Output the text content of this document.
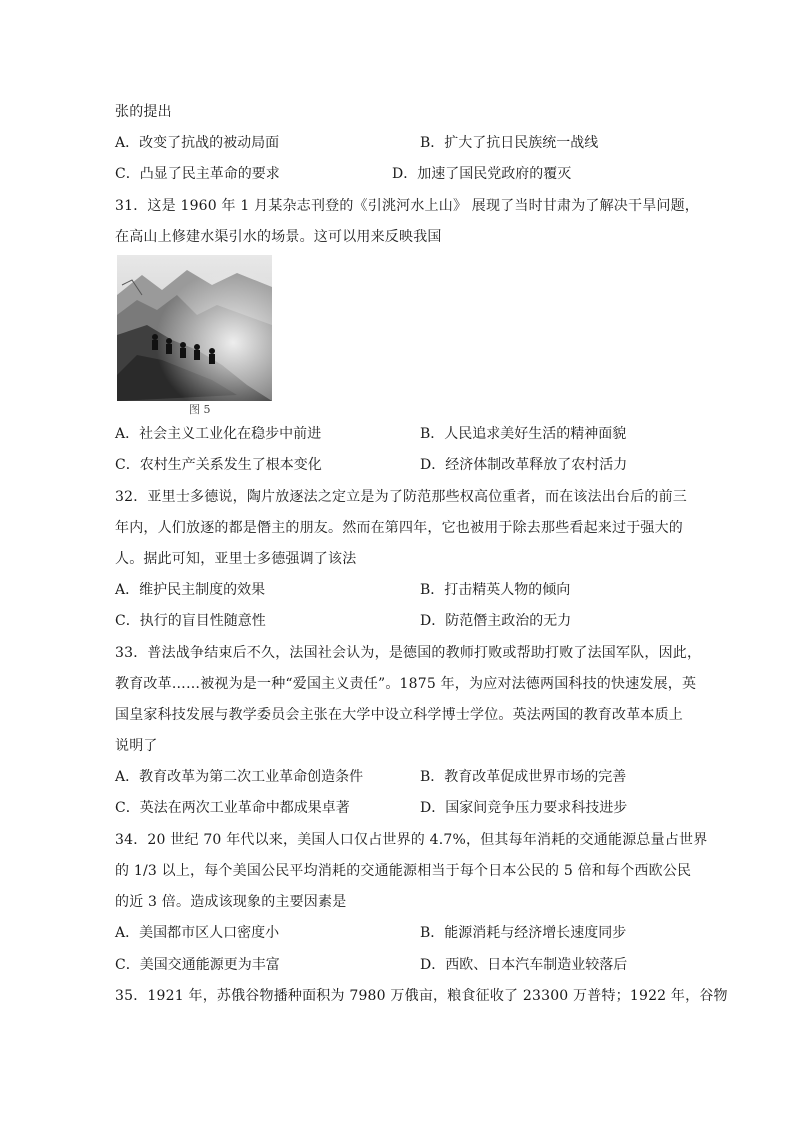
张的提出
A．改变了抗战的被动局面	B．扩大了抗日民族统一战线
C．凸显了民主革命的要求	D．加速了国民党政府的覆灭
31．这是 1960 年 1 月某杂志刊登的《引洮河水上山》 展现了当时甘肃为了解决干旱问题，
在高山上修建水渠引水的场景。这可以用来反映我国
图 5
A．社会主义工业化在稳步中前进	B．人民追求美好生活的精神面貌
C．农村生产关系发生了根本变化	D．经济体制改革释放了农村活力
32．亚里士多德说，陶片放逐法之定立是为了防范那些权高位重者，而在该法出台后的前三
年内，人们放逐的都是僭主的朋友。然而在第四年，它也被用于除去那些看起来过于强大的
人。据此可知，亚里士多德强调了该法
A．维护民主制度的效果	B．打击精英人物的倾向
C．执行的盲目性随意性	D．防范僭主政治的无力
33．普法战争结束后不久，法国社会认为，是德国的教师打败或帮助打败了法国军队，因此，
教育改革……被视为是一种“爱国主义责任”。1875 年，为应对法德两国科技的快速发展，英
国皇家科技发展与教学委员会主张在大学中设立科学博士学位。英法两国的教育改革本质上
说明了
A．教育改革为第二次工业革命创造条件	B．教育改革促成世界市场的完善
C．英法在两次工业革命中都成果卓著	D．国家间竞争压力要求科技进步
34．20 世纪 70 年代以来，美国人口仅占世界的 4.7%，但其每年消耗的交通能源总量占世界
的 1/3 以上，每个美国公民平均消耗的交通能源相当于每个日本公民的 5 倍和每个西欧公民
的近 3 倍。造成该现象的主要因素是
A．美国都市区人口密度小	B．能源消耗与经济增长速度同步
C．美国交通能源更为丰富	D．西欧、日本汽车制造业较落后
35．1921 年，苏俄谷物播种面积为 7980 万俄亩，粮食征收了 23300 万普特；1922 年，谷物
